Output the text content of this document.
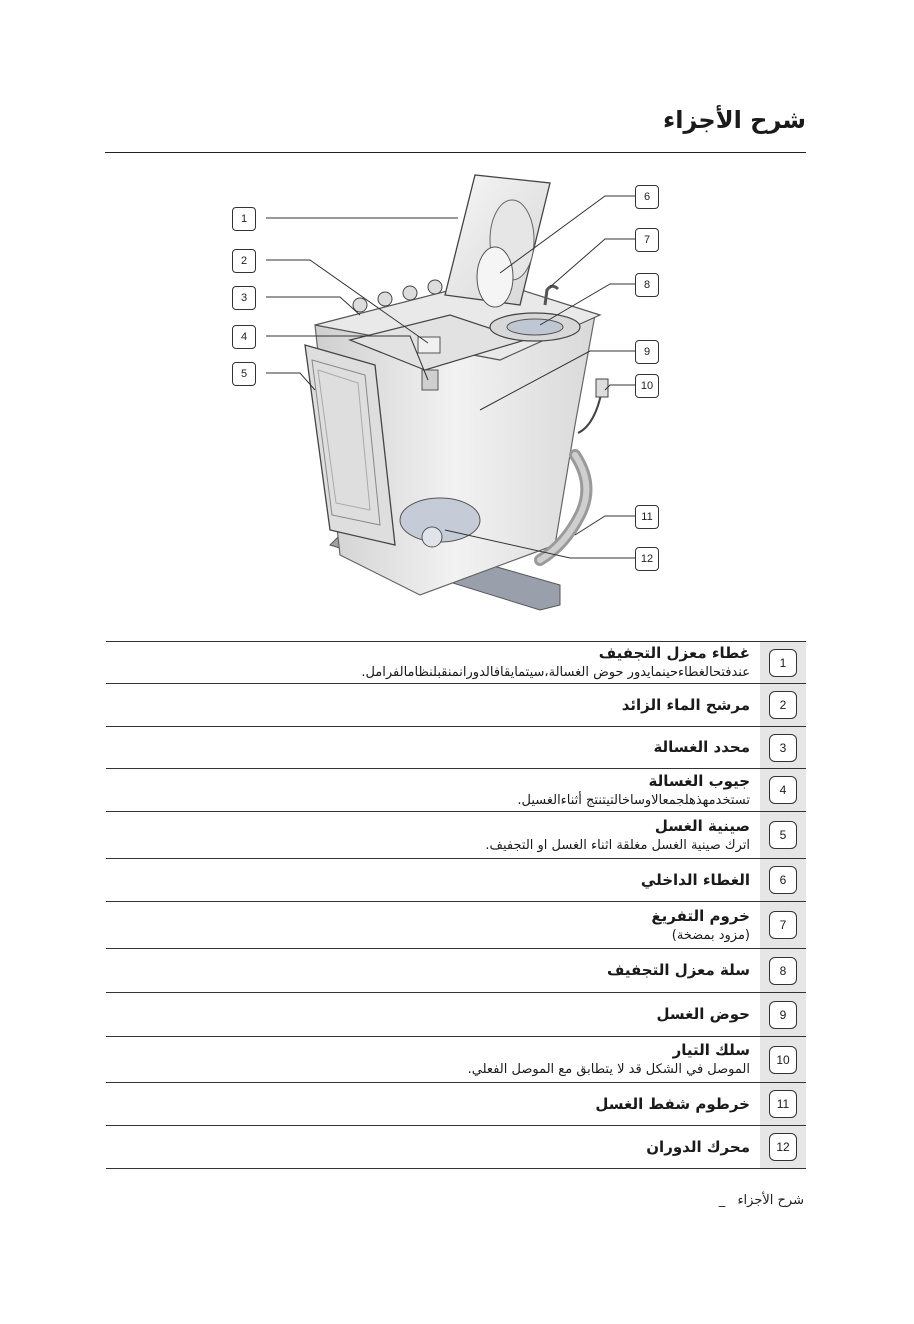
شرح الأجزاء
1
2
3
4
5
6
7
8
9
10
11
12
1
غطاء معزل التجفيف
عندفتحالغطاءحينمايدور حوض الغسالة،سيتمايقافالدورانمنقبلنظامالفرامل.
2
مرشح الماء الزائد
3
محدد الغسالة
4
جيوب الغسالة
تستخدمهذهلجمعالاوساخالتيتنتج أثناءالغسيل.
5
صينية الغسل
اترك صينية الغسل مغلقة اثناء الغسل او التجفيف.
6
الغطاء الداخلي
7
خروم التفريغ
(مزود بمضخة)
8
سلة معزل التجفيف
9
حوض الغسل
10
سلك التيار
الموصل في الشكل قد لا يتطابق مع الموصل الفعلي.
11
خرطوم شفط الغسل
12
محرك الدوران
شرح الأجزاء _
